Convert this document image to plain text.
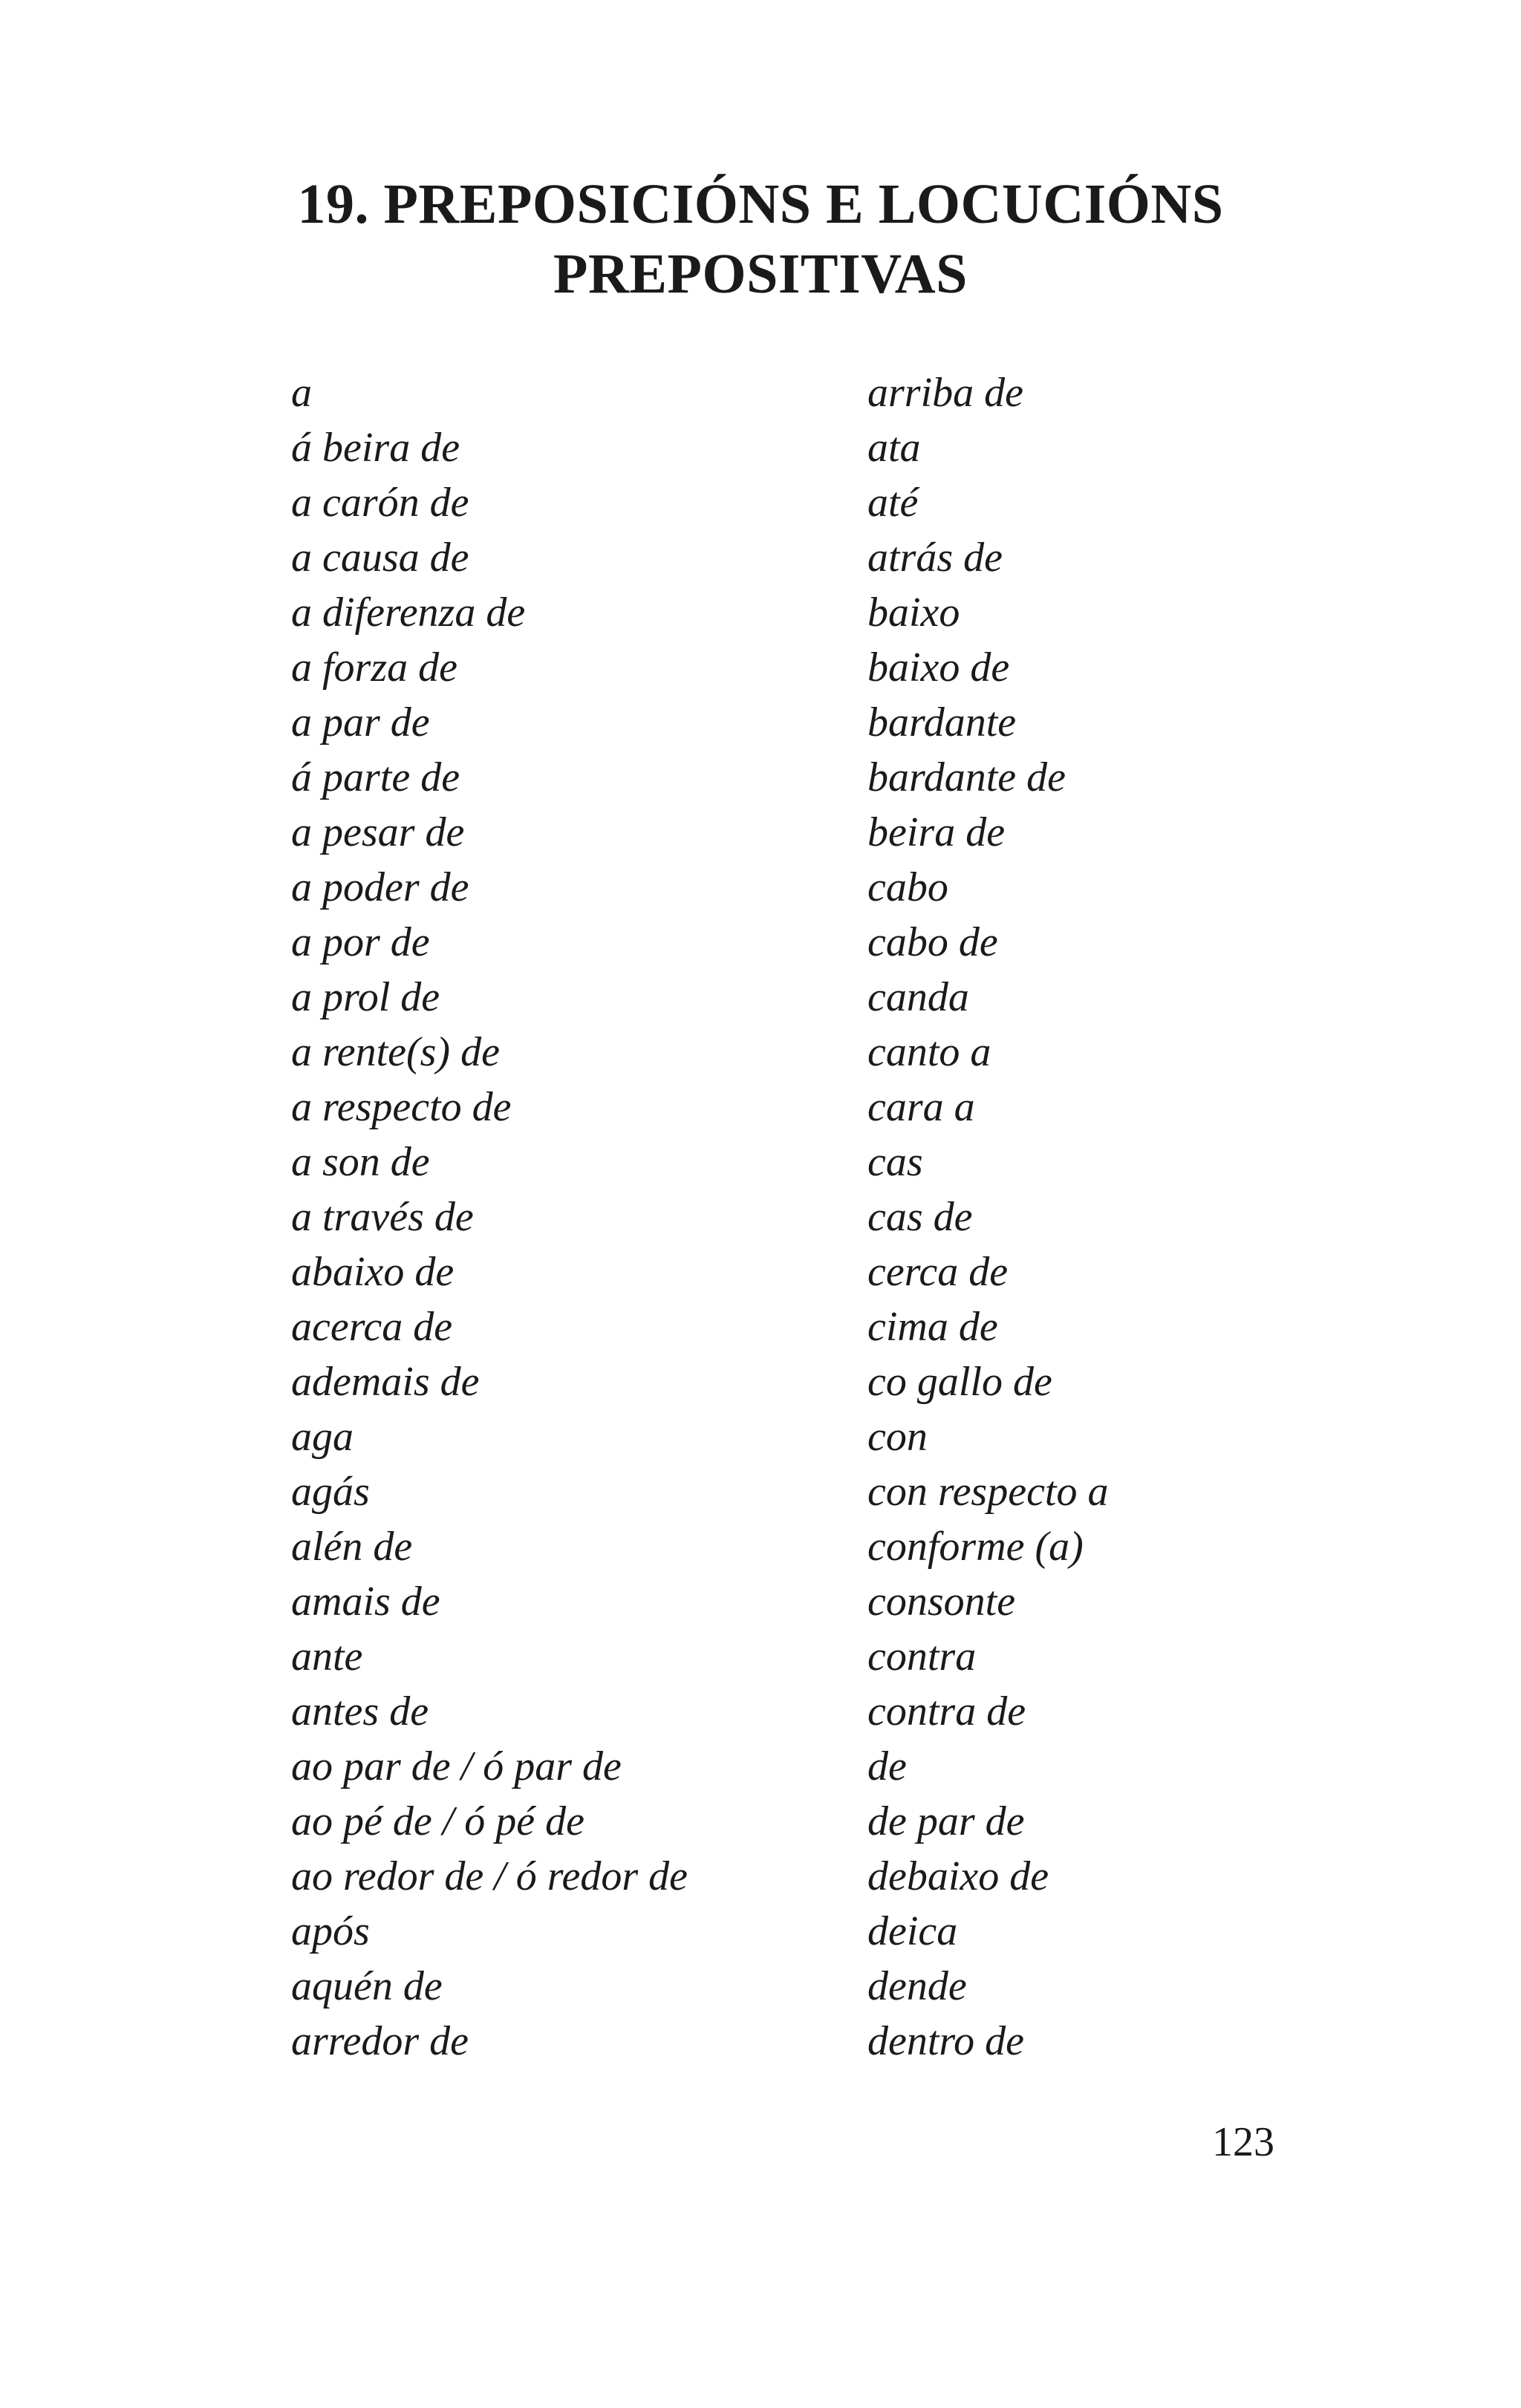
19. PREPOSICIÓNS E LOCUCIÓNS
PREPOSITIVAS
a
á beira de
a carón de
a causa de
a diferenza de
a forza de
a par de
á parte de
a pesar de
a poder de
a por de
a prol de
a rente(s) de
a respecto de
a son de
a través de
abaixo de
acerca de
ademais de
aga
agás
alén de
amais de
ante
antes de
ao par de / ó par de
ao pé de / ó pé de
ao redor de / ó redor de
após
aquén de
arredor de
arriba de
ata
até
atrás de
baixo
baixo de
bardante
bardante de
beira de
cabo
cabo de
canda
canto a
cara a
cas
cas de
cerca de
cima de
co gallo de
con
con respecto a
conforme (a)
consonte
contra
contra de
de
de par de
debaixo de
deica
dende
dentro de
123
